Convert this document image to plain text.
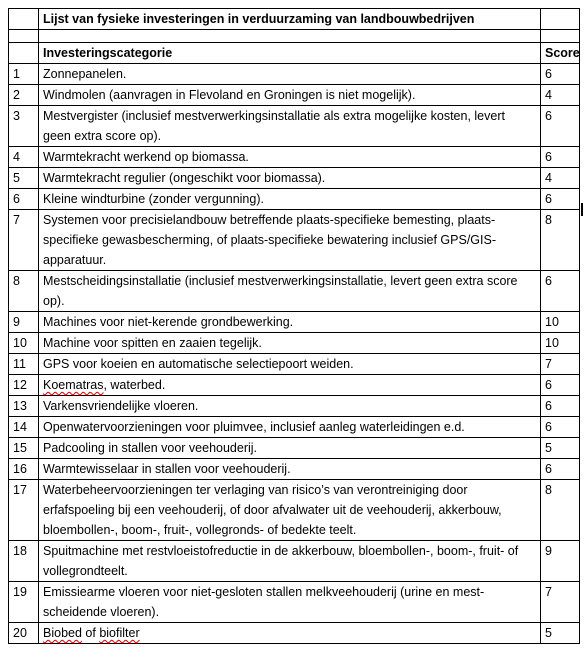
	Lijst van fysieke investeringen in verduurzaming van landbouwbedrijven	

	Investeringscategorie	Score
1	Zonnepanelen.	6
2	Windmolen (aanvragen in Flevoland en Groningen is niet mogelijk).	4
3	Mestvergister (inclusief mestverwerkingsinstallatie als extra mogelijke kosten, levert geen extra score op).	6
4	Warmtekracht werkend op biomassa.	6
5	Warmtekracht regulier (ongeschikt voor biomassa).	4
6	Kleine windturbine (zonder vergunning).	6
7	Systemen voor precisielandbouw betreffende plaats-specifieke bemesting, plaats-specifieke gewasbescherming, of plaats-specifieke bewatering inclusief GPS/GIS-apparatuur.	8
8	Mestscheidingsinstallatie (inclusief mestverwerkingsinstallatie, levert geen extra score op).	6
9	Machines voor niet-kerende grondbewerking.	10
10	Machine voor spitten en zaaien tegelijk.	10
11	GPS voor koeien en automatische selectiepoort weiden.	7
12	Koematras, waterbed.	6
13	Varkensvriendelijke vloeren.	6
14	Openwatervoorzieningen voor pluimvee, inclusief aanleg waterleidingen e.d.	6
15	Padcooling in stallen voor veehouderij.	5
16	Warmtewisselaar in stallen voor veehouderij.	6
17	Waterbeheervoorzieningen ter verlaging van risico’s van verontreiniging door erfafspoeling bij een veehouderij, of door afvalwater uit de veehouderij, akkerbouw, bloembollen-, boom-, fruit-, vollegronds- of bedekte teelt.	8
18	Spuitmachine met restvloeistofreductie in de akkerbouw, bloembollen-, boom-, fruit- of vollegrondteelt.	9
19	Emissiearme vloeren voor niet-gesloten stallen melkveehouderij (urine en mest-scheidende vloeren).	7
20	Biobed of biofilter	5
